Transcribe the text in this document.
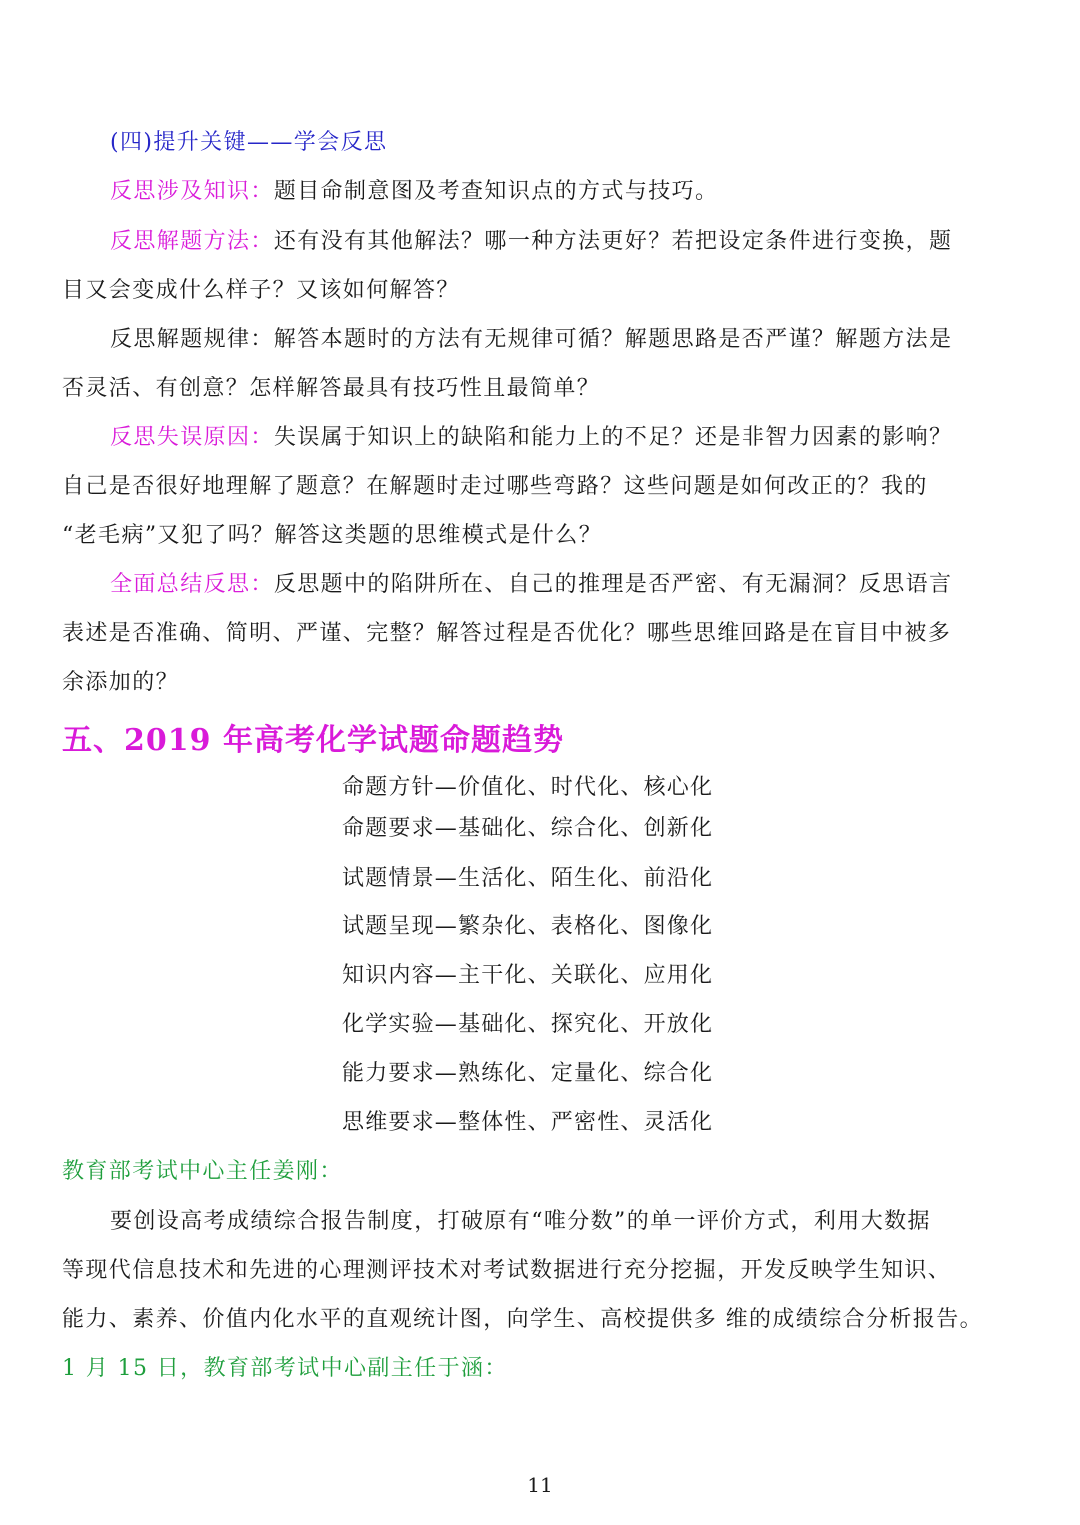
(四)提升关键——学会反思
反思涉及知识：题目命制意图及考查知识点的方式与技巧。
反思解题方法：还有没有其他解法？哪一种方法更好？若把设定条件进行变换，题
目又会变成什么样子？又该如何解答？
反思解题规律：解答本题时的方法有无规律可循？解题思路是否严谨？解题方法是
否灵活、有创意？怎样解答最具有技巧性且最简单？
反思失误原因：失误属于知识上的缺陷和能力上的不足？还是非智力因素的影响？
自己是否很好地理解了题意？在解题时走过哪些弯路？这些问题是如何改正的？我的
“老毛病”又犯了吗？解答这类题的思维模式是什么？
全面总结反思：反思题中的陷阱所在、自己的推理是否严密、有无漏洞？反思语言
表述是否准确、简明、严谨、完整？解答过程是否优化？哪些思维回路是在盲目中被多
余添加的？
五、2019 年高考化学试题命题趋势
命题方针—价值化、时代化、核心化
命题要求—基础化、综合化、创新化
试题情景—生活化、陌生化、前沿化
试题呈现—繁杂化、表格化、图像化
知识内容—主干化、关联化、应用化
化学实验—基础化、探究化、开放化
能力要求—熟练化、定量化、综合化
思维要求—整体性、严密性、灵活化
教育部考试中心主任姜刚：
要创设高考成绩综合报告制度，打破原有“唯分数”的单一评价方式，利用大数据
等现代信息技术和先进的心理测评技术对考试数据进行充分挖掘，开发反映学生知识、
能力、素养、价值内化水平的直观统计图，向学生、高校提供多 维的成绩综合分析报告。
1 月 15 日，教育部考试中心副主任于涵：
11
